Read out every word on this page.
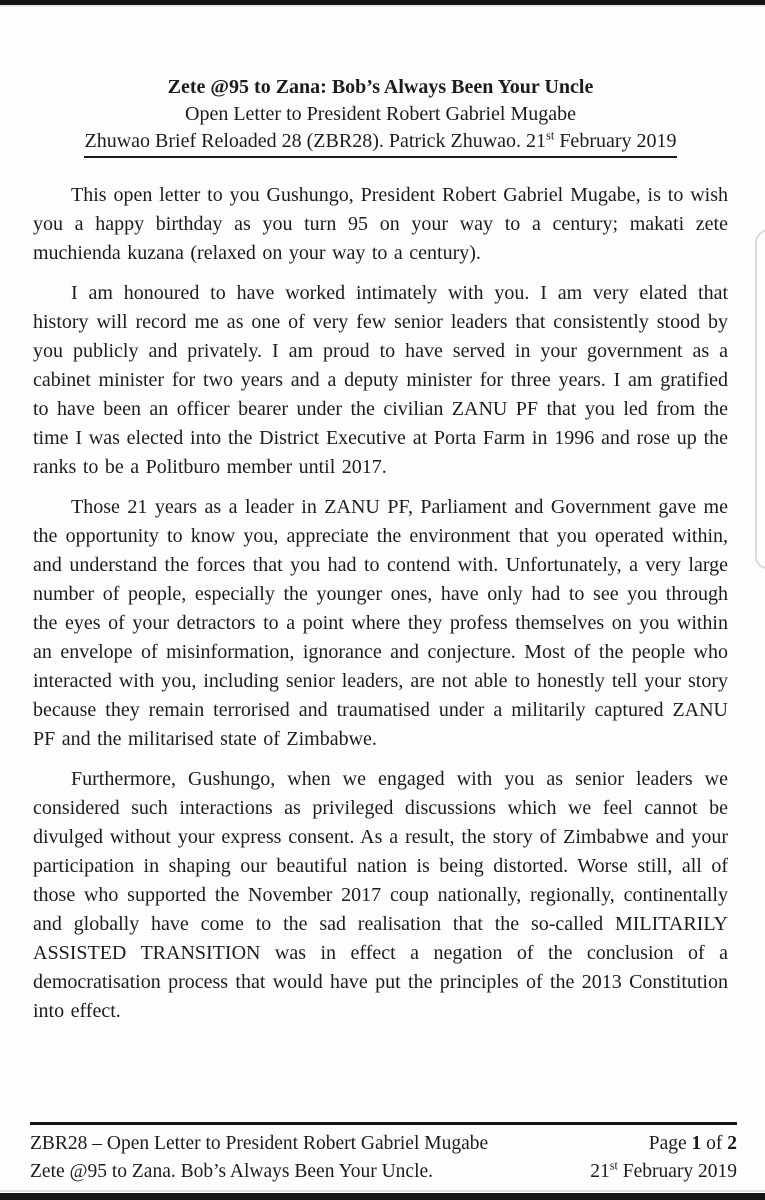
Zete @95 to Zana: Bob’s Always Been Your Uncle
Open Letter to President Robert Gabriel Mugabe
Zhuwao Brief Reloaded 28 (ZBR28). Patrick Zhuwao. 21st February 2019

This open letter to you Gushungo, President Robert Gabriel Mugabe, is to wish you a happy birthday as you turn 95 on your way to a century; makati zete muchienda kuzana (relaxed on your way to a century).

I am honoured to have worked intimately with you. I am very elated that history will record me as one of very few senior leaders that consistently stood by you publicly and privately. I am proud to have served in your government as a cabinet minister for two years and a deputy minister for three years. I am gratified to have been an officer bearer under the civilian ZANU PF that you led from the time I was elected into the District Executive at Porta Farm in 1996 and rose up the ranks to be a Politburo member until 2017.

Those 21 years as a leader in ZANU PF, Parliament and Government gave me the opportunity to know you, appreciate the environment that you operated within, and understand the forces that you had to contend with. Unfortunately, a very large number of people, especially the younger ones, have only had to see you through the eyes of your detractors to a point where they profess themselves on you within an envelope of misinformation, ignorance and conjecture. Most of the people who interacted with you, including senior leaders, are not able to honestly tell your story because they remain terrorised and traumatised under a militarily captured ZANU PF and the militarised state of Zimbabwe.

Furthermore, Gushungo, when we engaged with you as senior leaders we considered such interactions as privileged discussions which we feel cannot be divulged without your express consent. As a result, the story of Zimbabwe and your participation in shaping our beautiful nation is being distorted. Worse still, all of those who supported the November 2017 coup nationally, regionally, continentally and globally have come to the sad realisation that the so-called MILITARILY ASSISTED TRANSITION was in effect a negation of the conclusion of a democratisation process that would have put the principles of the 2013 Constitution into effect.

ZBR28 – Open Letter to President Robert Gabriel Mugabe
Zete @95 to Zana. Bob’s Always Been Your Uncle.
Page 1 of 2
21st February 2019
